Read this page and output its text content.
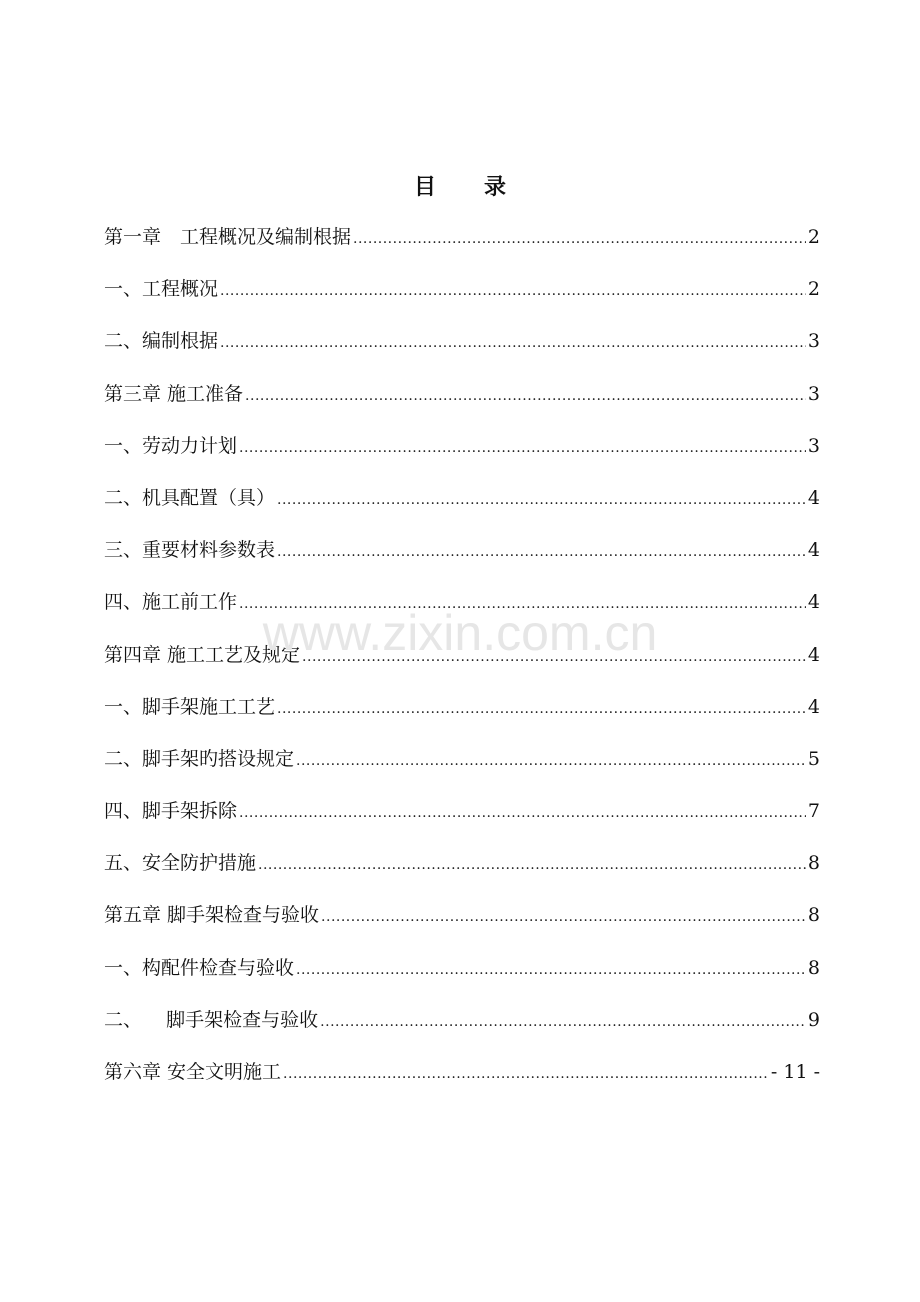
目录
第一章　工程概况及编制根据 .....	2
一、工程概况 .....	2
二、编制根据 .....	3
第三章 施工准备 .....	3
一、劳动力计划 .....	3
二、机具配置（具） .....	4
三、重要材料参数表 .....	4
四、施工前工作 .....	4
第四章 施工工艺及规定 .....	4
一、脚手架施工工艺 .....	4
二、脚手架旳搭设规定 .....	5
四、脚手架拆除 .....	7
五、安全防护措施 .....	8
第五章 脚手架检查与验收 .....	8
一、构配件检查与验收 .....	8
二、    脚手架检查与验收 .....	9
第六章 安全文明施工 .....	- 11 -
www.zixin.com.cn
